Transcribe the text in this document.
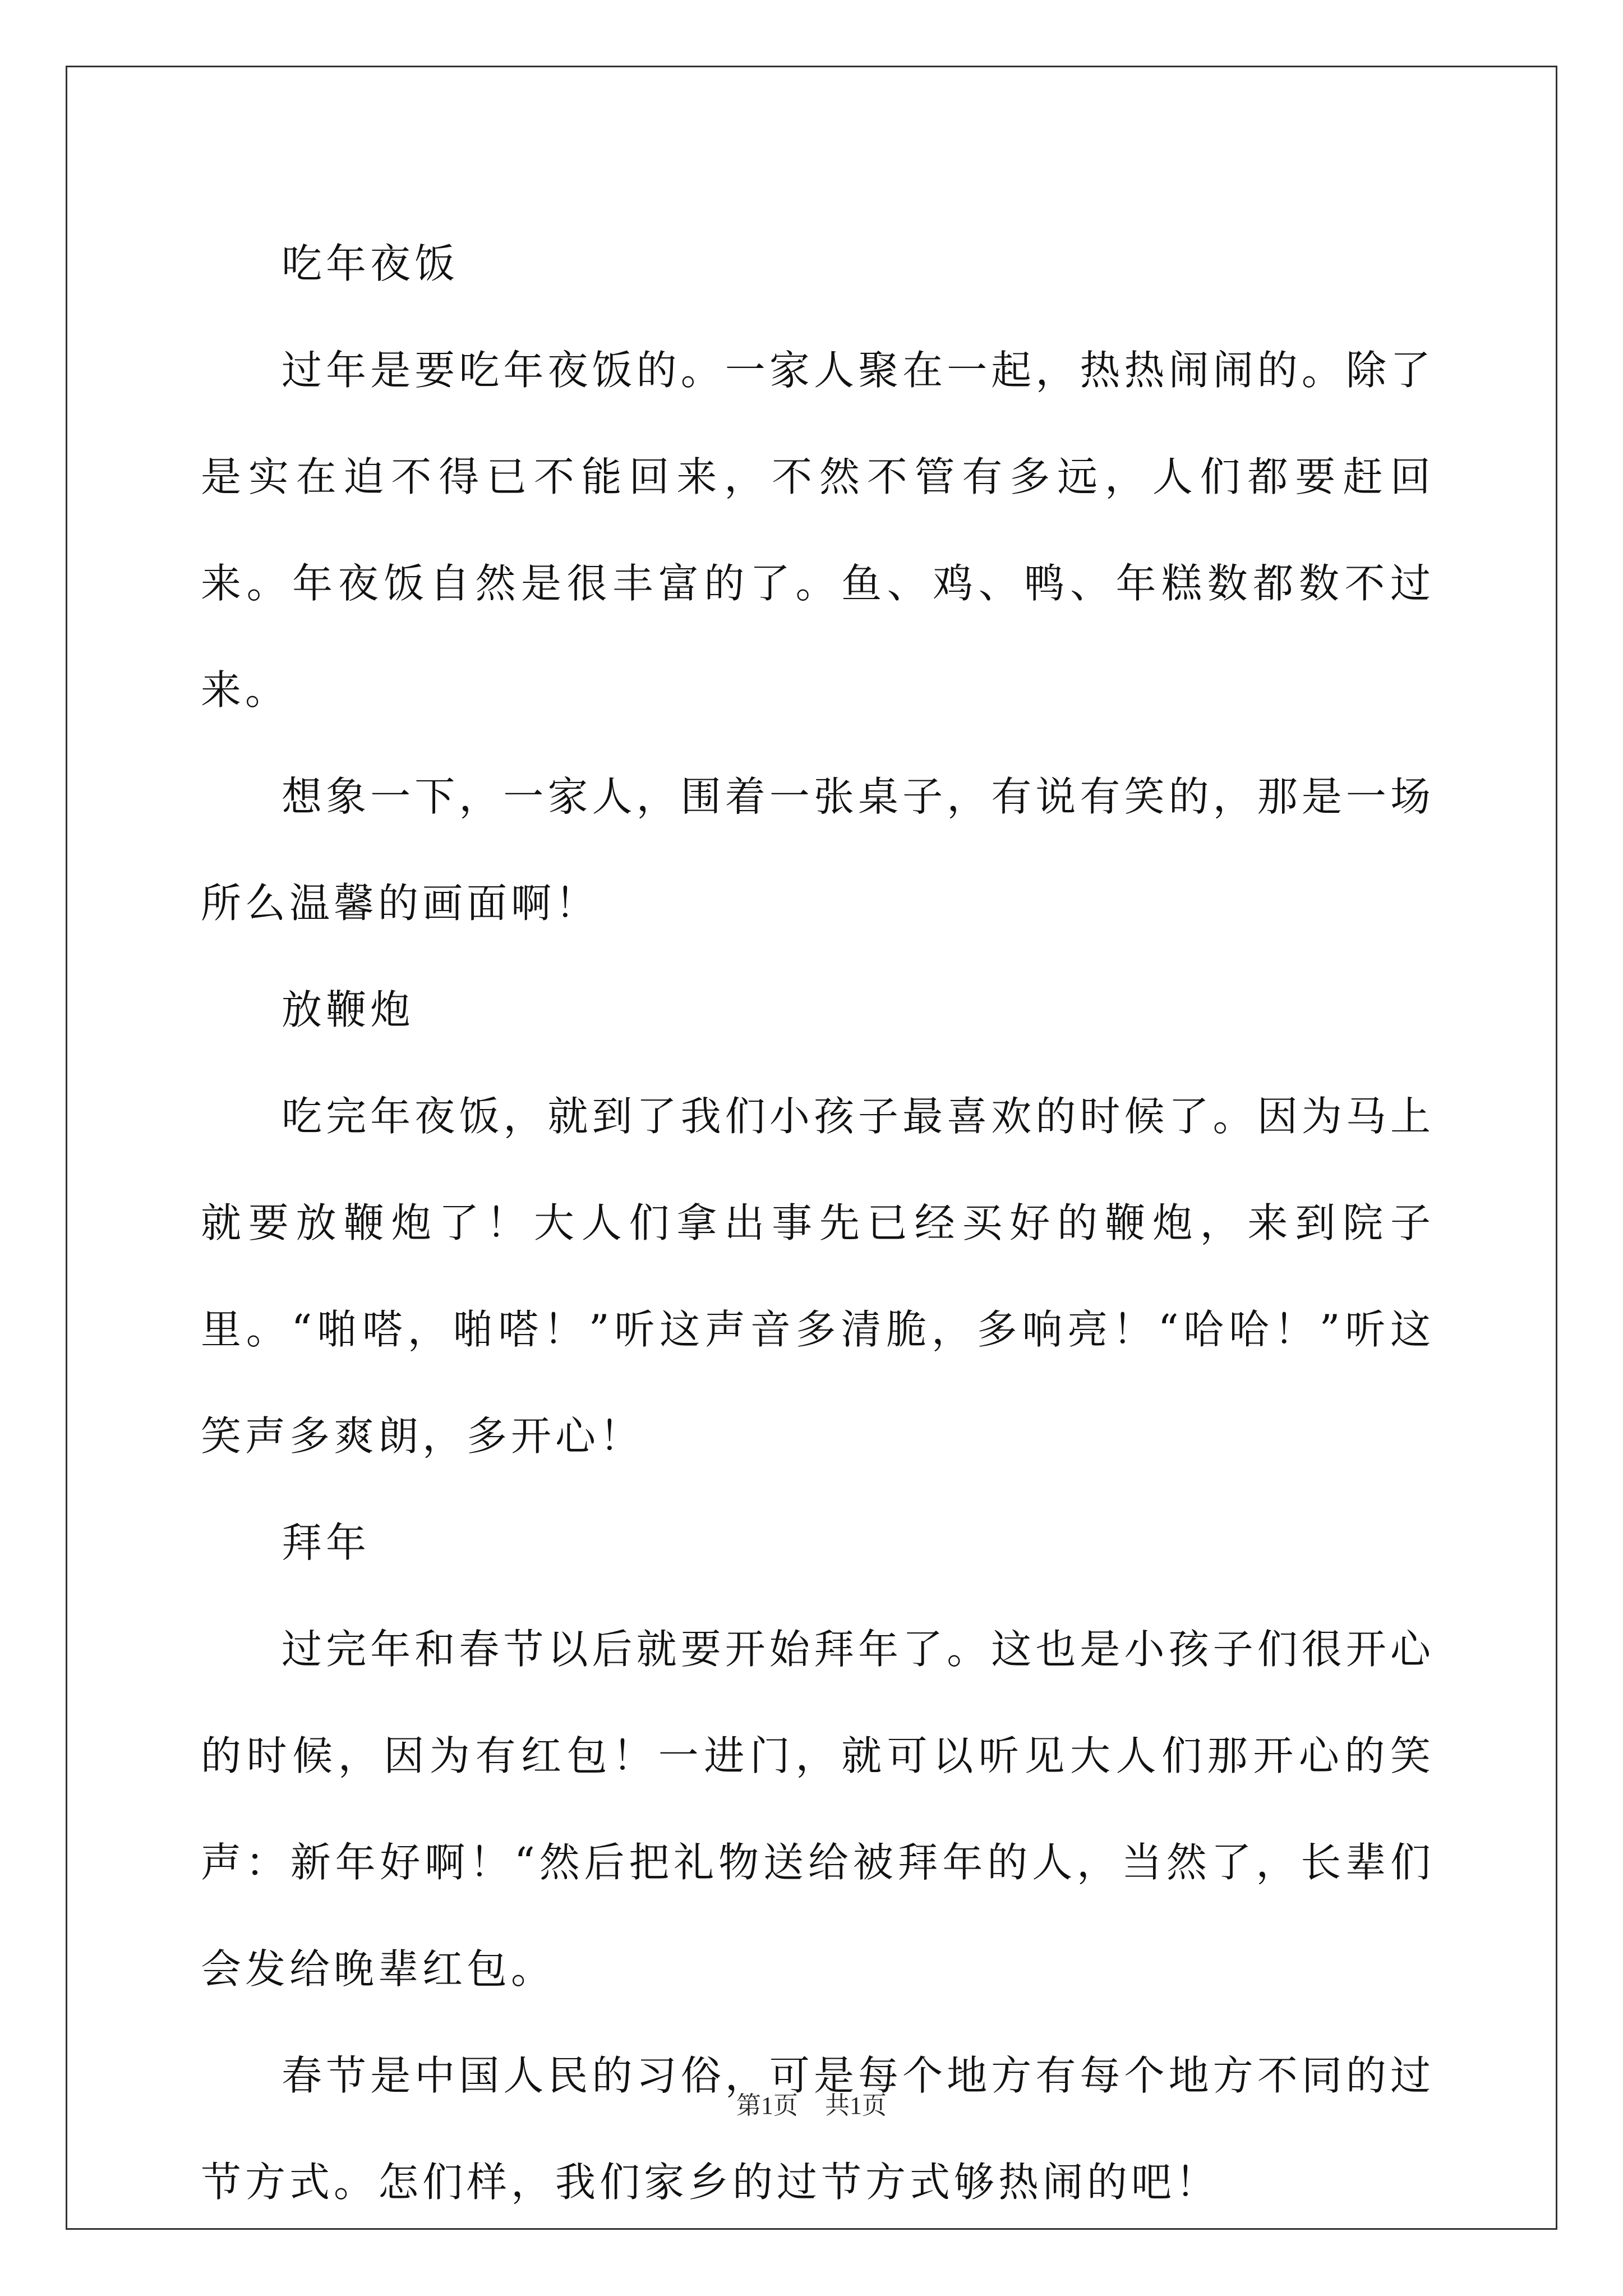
吃年夜饭

过年是要吃年夜饭的。一家人聚在一起，热热闹闹的。除了是实在迫不得已不能回来，不然不管有多远，人们都要赶回来。年夜饭自然是很丰富的了。鱼、鸡、鸭、年糕数都数不过来。

想象一下，一家人，围着一张桌子，有说有笑的，那是一场所么温馨的画面啊！

放鞭炮

吃完年夜饭，就到了我们小孩子最喜欢的时候了。因为马上就要放鞭炮了！大人们拿出事先已经买好的鞭炮，来到院子里。“啪嗒，啪嗒！”听这声音多清脆，多响亮！“哈哈！”听这笑声多爽朗，多开心！

拜年

过完年和春节以后就要开始拜年了。这也是小孩子们很开心的时候，因为有红包！一进门，就可以听见大人们那开心的笑声：新年好啊！“然后把礼物送给被拜年的人，当然了，长辈们会发给晚辈红包。

春节是中国人民的习俗，可是每个地方有每个地方不同的过节方式。怎们样，我们家乡的过节方式够热闹的吧！

第1页 共1页
